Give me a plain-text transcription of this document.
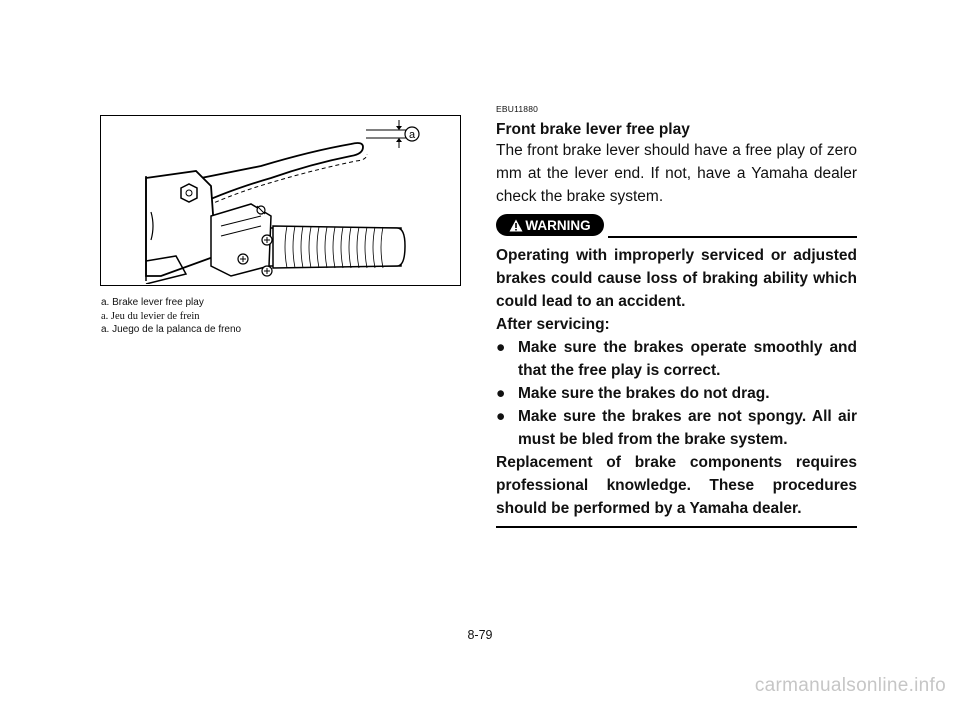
a
a. Brake lever free play
a. Jeu du levier de frein
a. Juego de la palanca de freno
EBU11880
Front brake lever free play

The front brake lever should have a free play of zero mm at the lever end. If not, have a Yamaha dealer check the brake system.

WARNING
Operating with improperly serviced or adjusted brakes could cause loss of braking ability which could lead to an accident.
After servicing:
● Make sure the brakes operate smoothly and that the free play is correct.
● Make sure the brakes do not drag.
● Make sure the brakes are not spongy. All air must be bled from the brake system.
Replacement of brake components requires professional knowledge. These procedures should be performed by a Yamaha dealer.
8-79
carmanualsonline.info
